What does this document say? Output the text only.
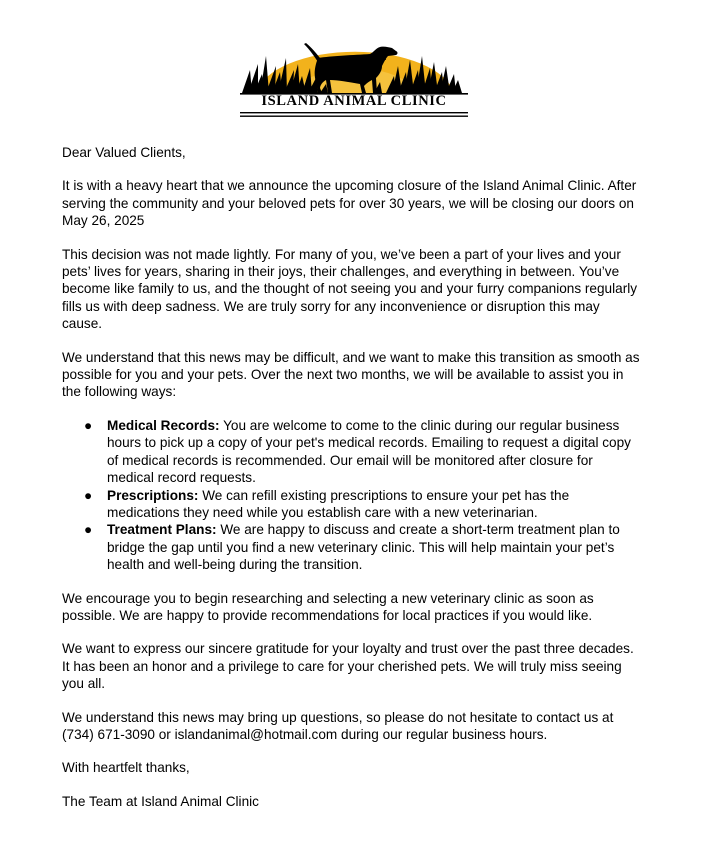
ISLAND ANIMAL CLINIC

Dear Valued Clients,

It is with a heavy heart that we announce the upcoming closure of the Island Animal Clinic. After serving the community and your beloved pets for over 30 years, we will be closing our doors on May 26, 2025

This decision was not made lightly. For many of you, we’ve been a part of your lives and your pets’ lives for years, sharing in their joys, their challenges, and everything in between. You’ve become like family to us, and the thought of not seeing you and your furry companions regularly fills us with deep sadness. We are truly sorry for any inconvenience or disruption this may cause.

We understand that this news may be difficult, and we want to make this transition as smooth as possible for you and your pets. Over the next two months, we will be available to assist you in the following ways:

● Medical Records: You are welcome to come to the clinic during our regular business hours to pick up a copy of your pet's medical records. Emailing to request a digital copy of medical records is recommended. Our email will be monitored after closure for medical record requests.
● Prescriptions: We can refill existing prescriptions to ensure your pet has the medications they need while you establish care with a new veterinarian.
● Treatment Plans: We are happy to discuss and create a short-term treatment plan to bridge the gap until you find a new veterinary clinic. This will help maintain your pet’s health and well-being during the transition.

We encourage you to begin researching and selecting a new veterinary clinic as soon as possible. We are happy to provide recommendations for local practices if you would like.

We want to express our sincere gratitude for your loyalty and trust over the past three decades. It has been an honor and a privilege to care for your cherished pets. We will truly miss seeing you all.

We understand this news may bring up questions, so please do not hesitate to contact us at (734) 671-3090 or islandanimal@hotmail.com during our regular business hours.

With heartfelt thanks,

The Team at Island Animal Clinic
